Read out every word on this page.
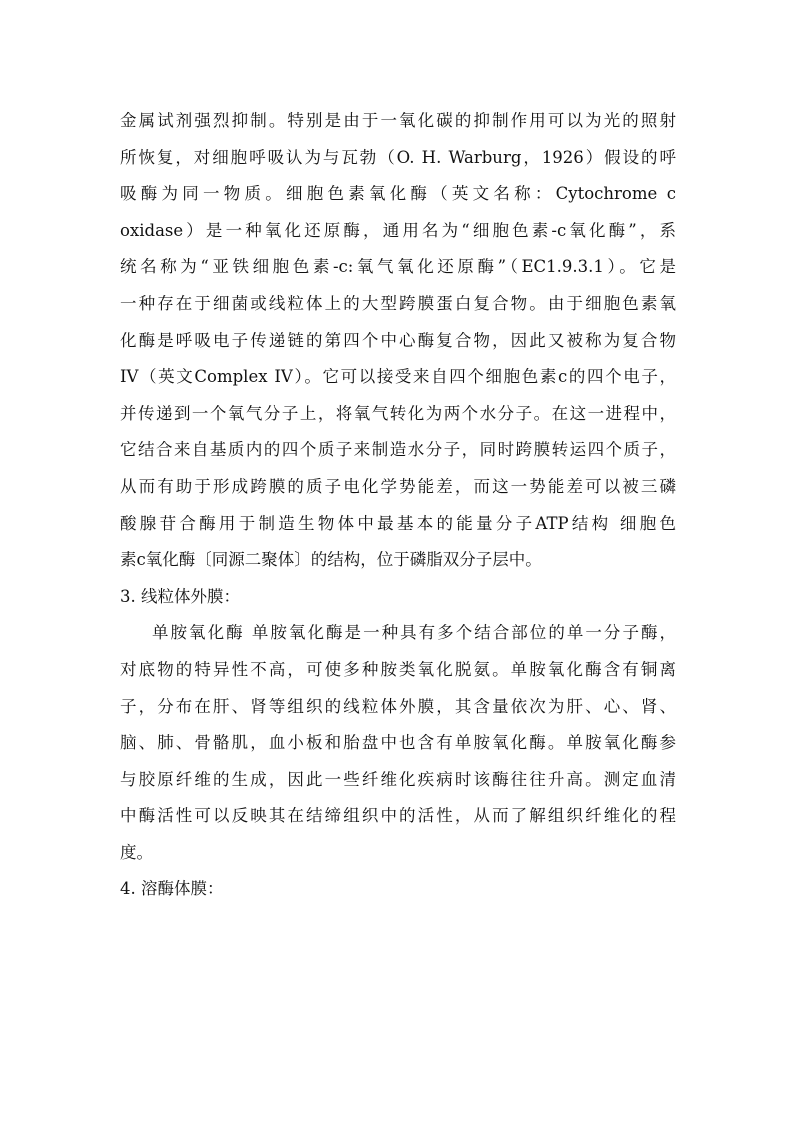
金属试剂强烈抑制。特别是由于一氧化碳的抑制作用可以为光的照射
所恢复，对细胞呼吸认为与瓦勃（O. H. Warburg，1926）假设的呼
吸酶为同一物质。细胞色素氧化酶（英文名称：Cytochrome c
oxidase）是一种氧化还原酶，通用名为“细胞色素-c氧化酶”，系
统名称为“亚铁细胞色素-c:氧气氧化还原酶”（EC1.9.3.1）。它是
一种存在于细菌或线粒体上的大型跨膜蛋白复合物。由于细胞色素氧
化酶是呼吸电子传递链的第四个中心酶复合物，因此又被称为复合物
IV（英文Complex IV）。它可以接受来自四个细胞色素c的四个电子，
并传递到一个氧气分子上，将氧气转化为两个水分子。在这一进程中，
它结合来自基质内的四个质子来制造水分子，同时跨膜转运四个质子，
从而有助于形成跨膜的质子电化学势能差，而这一势能差可以被三磷
酸腺苷合酶用于制造生物体中最基本的能量分子ATP结构 细胞色
素c氧化酶〔同源二聚体〕的结构，位于磷脂双分子层中。
3. 线粒体外膜：
单胺氧化酶 单胺氧化酶是一种具有多个结合部位的单一分子酶，
对底物的特异性不高，可使多种胺类氧化脱氨。单胺氧化酶含有铜离
子，分布在肝、肾等组织的线粒体外膜，其含量依次为肝、心、肾、
脑、肺、骨骼肌，血小板和胎盘中也含有单胺氧化酶。单胺氧化酶参
与胶原纤维的生成，因此一些纤维化疾病时该酶往往升高。测定血清
中酶活性可以反映其在结缔组织中的活性，从而了解组织纤维化的程
度。
4. 溶酶体膜：
